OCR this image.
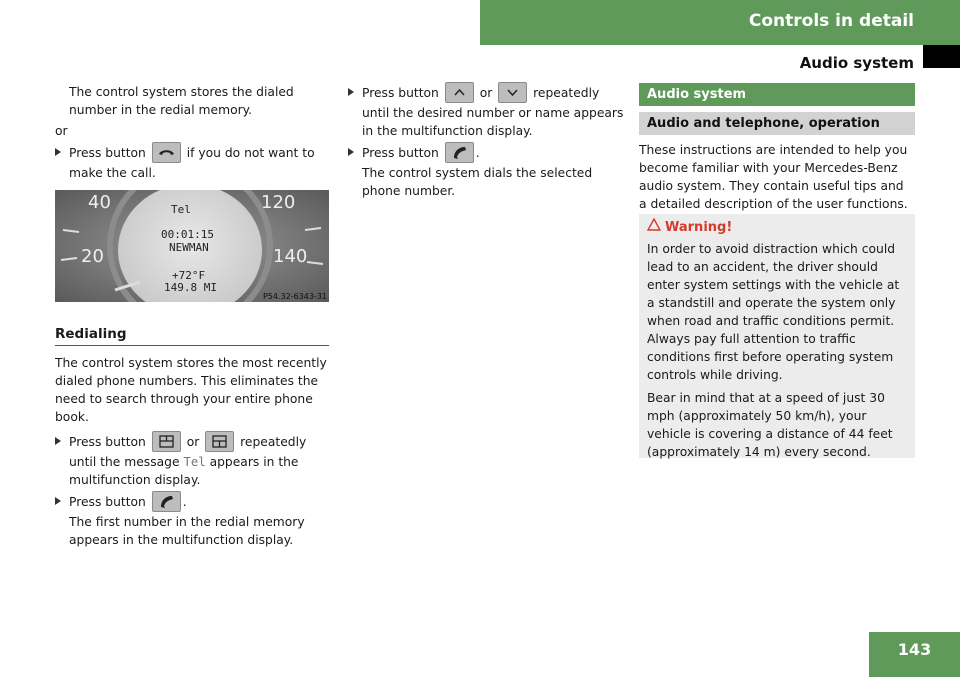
Controls in detail
Audio system

The control system stores the dialed number in the redial memory.

or

Press button	if you do not want to make the call.
40
20
120
140
Tel
00:01:15
NEWMAN
+72°F
149.8 MI
P54.32-6343-31
Redialing

The control system stores the most recently dialed phone numbers. This eliminates the need to search through your entire phone book.

Press button	or	repeatedly until the message Tel appears in the multifunction display.
Press button	.

The first number in the redial memory appears in the multifunction display.

Press button	or	repeatedly until the desired number or name appears in the multifunction display.
Press button	.

The control system dials the selected phone number.

Audio system
Audio and telephone, operation

These instructions are intended to help you become familiar with your Mercedes-Benz audio system. They contain useful tips and a detailed description of the user functions.

Warning!

In order to avoid distraction which could lead to an accident, the driver should enter system settings with the vehicle at a standstill and operate the system only when road and traffic conditions permit. Always pay full attention to traffic conditions first before operating system controls while driving.

Bear in mind that at a speed of just 30 mph (approximately 50 km/h), your vehicle is covering a distance of 44 feet (approximately 14 m) every second.

143
